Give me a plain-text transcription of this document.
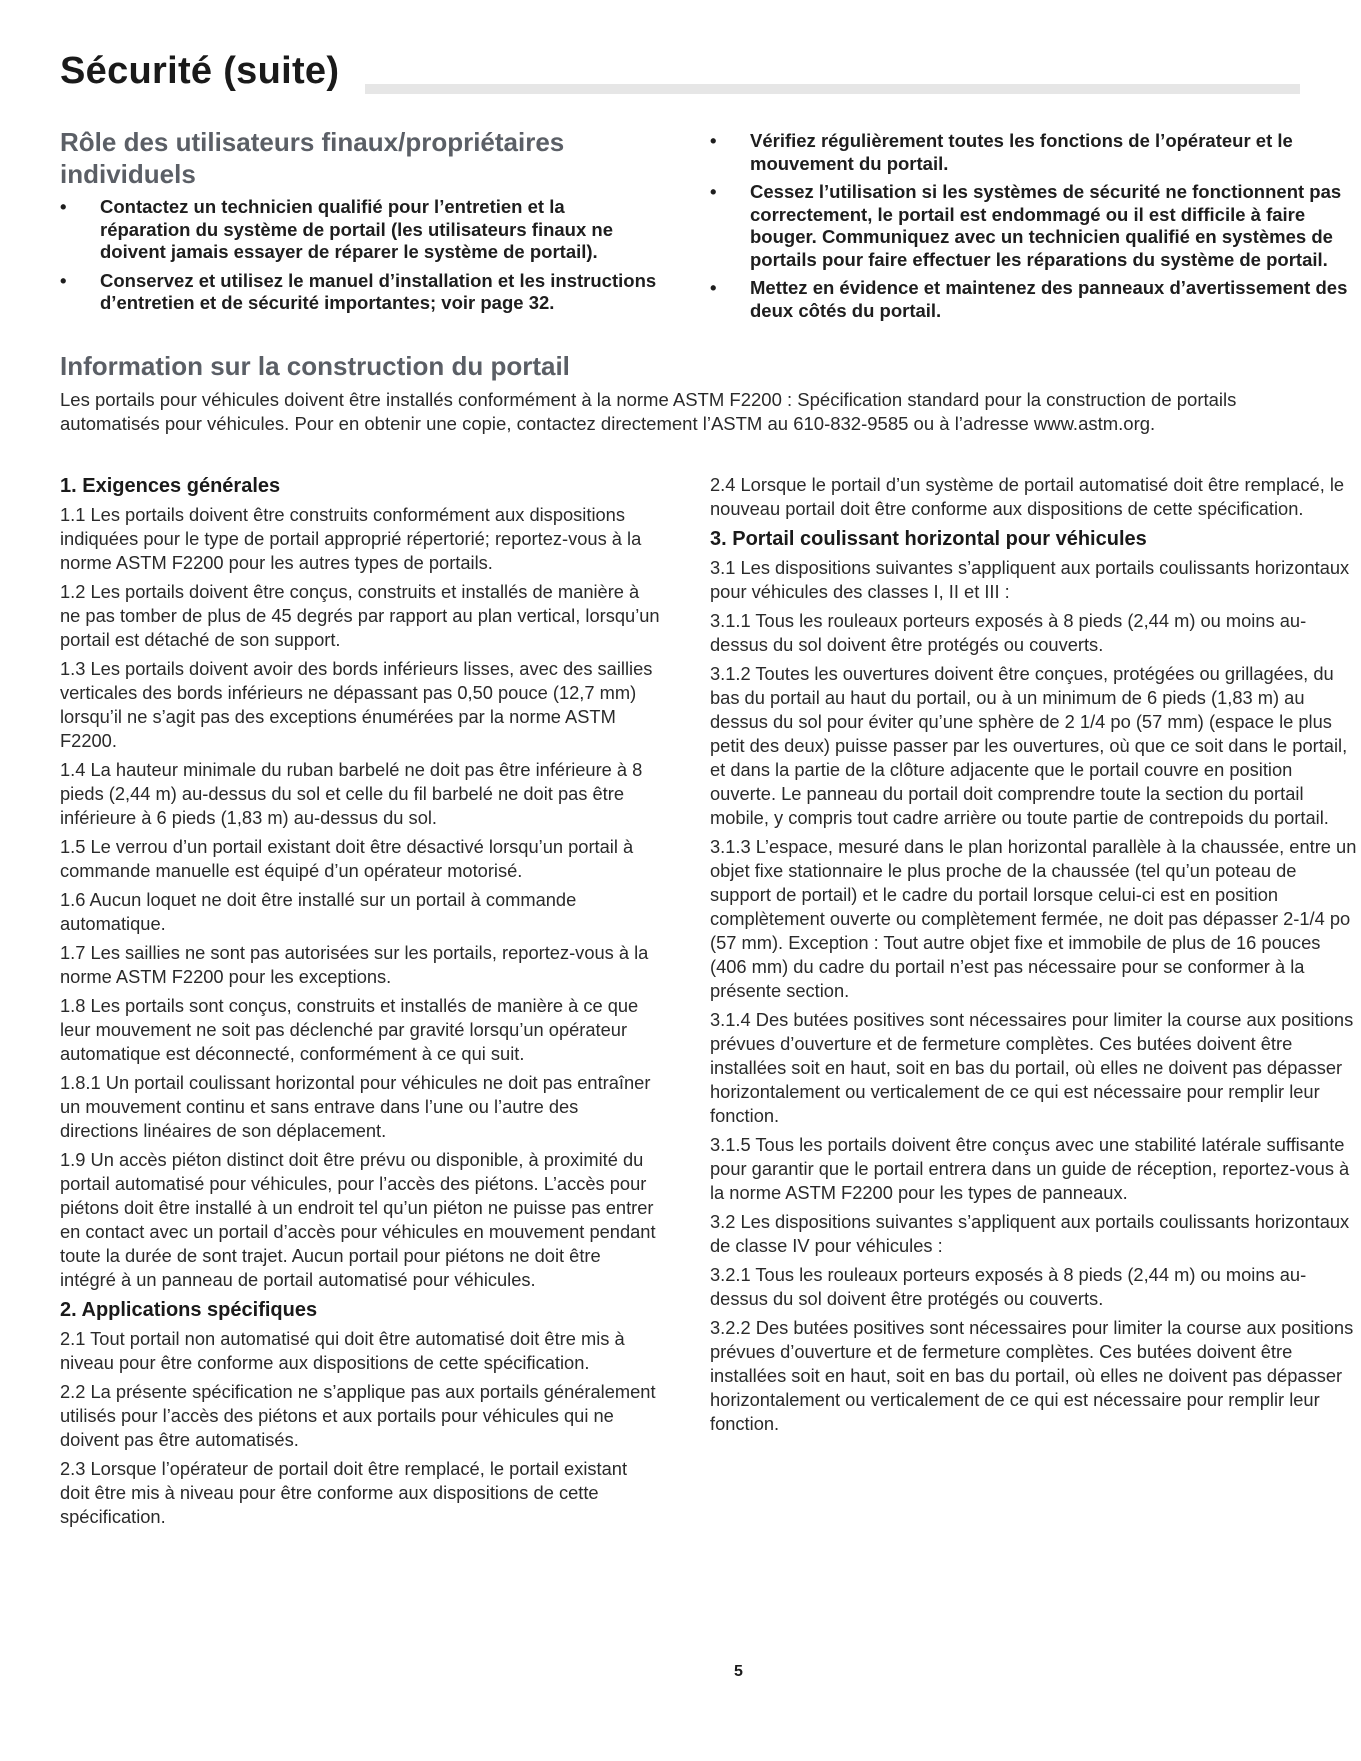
Sécurité (suite)
Rôle des utilisateurs finaux/propriétaires individuels
• Contactez un technicien qualifié pour l’entretien et la réparation du système de portail (les utilisateurs finaux ne doivent jamais essayer de réparer le système de portail).
• Conservez et utilisez le manuel d’installation et les instructions d’entretien et de sécurité importantes; voir page 32.
• Vérifiez régulièrement toutes les fonctions de l’opérateur et le mouvement du portail.
• Cessez l’utilisation si les systèmes de sécurité ne fonctionnent pas correctement, le portail est endommagé ou il est difficile à faire bouger. Communiquez avec un technicien qualifié en systèmes de portails pour faire effectuer les réparations du système de portail.
• Mettez en évidence et maintenez des panneaux d’avertissement des deux côtés du portail.
Information sur la construction du portail
Les portails pour véhicules doivent être installés conformément à la norme ASTM F2200 : Spécification standard pour la construction de portails automatisés pour véhicules. Pour en obtenir une copie, contactez directement l’ASTM au 610-832-9585 ou à l’adresse www.astm.org.
1. Exigences générales

1.1 Les portails doivent être construits conformément aux dispositions indiquées pour le type de portail approprié répertorié; reportez-vous à la norme ASTM F2200 pour les autres types de portails.

1.2 Les portails doivent être conçus, construits et installés de manière à ne pas tomber de plus de 45 degrés par rapport au plan vertical, lorsqu’un portail est détaché de son support.

1.3 Les portails doivent avoir des bords inférieurs lisses, avec des saillies verticales des bords inférieurs ne dépassant pas 0,50 pouce (12,7 mm) lorsqu’il ne s’agit pas des exceptions énumérées par la norme ASTM F2200.

1.4 La hauteur minimale du ruban barbelé ne doit pas être inférieure à 8 pieds (2,44 m) au-dessus du sol et celle du fil barbelé ne doit pas être inférieure à 6 pieds (1,83 m) au-dessus du sol.

1.5 Le verrou d’un portail existant doit être désactivé lorsqu’un portail à commande manuelle est équipé d’un opérateur motorisé.

1.6 Aucun loquet ne doit être installé sur un portail à commande automatique.

1.7 Les saillies ne sont pas autorisées sur les portails, reportez-vous à la norme ASTM F2200 pour les exceptions.

1.8 Les portails sont conçus, construits et installés de manière à ce que leur mouvement ne soit pas déclenché par gravité lorsqu’un opérateur automatique est déconnecté, conformément à ce qui suit.

1.8.1 Un portail coulissant horizontal pour véhicules ne doit pas entraîner un mouvement continu et sans entrave dans l’une ou l’autre des directions linéaires de son déplacement.

1.9 Un accès piéton distinct doit être prévu ou disponible, à proximité du portail automatisé pour véhicules, pour l’accès des piétons. L’accès pour piétons doit être installé à un endroit tel qu’un piéton ne puisse pas entrer en contact avec un portail d’accès pour véhicules en mouvement pendant toute la durée de sont trajet. Aucun portail pour piétons ne doit être intégré à un panneau de portail automatisé pour véhicules.

2. Applications spécifiques

2.1 Tout portail non automatisé qui doit être automatisé doit être mis à niveau pour être conforme aux dispositions de cette spécification.

2.2 La présente spécification ne s’applique pas aux portails généralement utilisés pour l’accès des piétons et aux portails pour véhicules qui ne doivent pas être automatisés.

2.3 Lorsque l’opérateur de portail doit être remplacé, le portail existant doit être mis à niveau pour être conforme aux dispositions de cette spécification.

2.4 Lorsque le portail d’un système de portail automatisé doit être remplacé, le nouveau portail doit être conforme aux dispositions de cette spécification.

3. Portail coulissant horizontal pour véhicules

3.1 Les dispositions suivantes s’appliquent aux portails coulissants horizontaux pour véhicules des classes I, II et III :

3.1.1 Tous les rouleaux porteurs exposés à 8 pieds (2,44 m) ou moins au-dessus du sol doivent être protégés ou couverts.

3.1.2 Toutes les ouvertures doivent être conçues, protégées ou grillagées, du bas du portail au haut du portail, ou à un minimum de 6 pieds (1,83 m) au dessus du sol pour éviter qu’une sphère de 2 1/4 po (57 mm) (espace le plus petit des deux) puisse passer par les ouvertures, où que ce soit dans le portail, et dans la partie de la clôture adjacente que le portail couvre en position ouverte. Le panneau du portail doit comprendre toute la section du portail mobile, y compris tout cadre arrière ou toute partie de contrepoids du portail.

3.1.3 L’espace, mesuré dans le plan horizontal parallèle à la chaussée, entre un objet fixe stationnaire le plus proche de la chaussée (tel qu’un poteau de support de portail) et le cadre du portail lorsque celui-ci est en position complètement ouverte ou complètement fermée, ne doit pas dépasser 2-1/4 po (57 mm). Exception : Tout autre objet fixe et immobile de plus de 16 pouces (406 mm) du cadre du portail n’est pas nécessaire pour se conformer à la présente section.

3.1.4 Des butées positives sont nécessaires pour limiter la course aux positions prévues d’ouverture et de fermeture complètes. Ces butées doivent être installées soit en haut, soit en bas du portail, où elles ne doivent pas dépasser horizontalement ou verticalement de ce qui est nécessaire pour remplir leur fonction.

3.1.5 Tous les portails doivent être conçus avec une stabilité latérale suffisante pour garantir que le portail entrera dans un guide de réception, reportez-vous à la norme ASTM F2200 pour les types de panneaux.

3.2 Les dispositions suivantes s’appliquent aux portails coulissants horizontaux de classe IV pour véhicules :

3.2.1 Tous les rouleaux porteurs exposés à 8 pieds (2,44 m) ou moins au-dessus du sol doivent être protégés ou couverts.

3.2.2 Des butées positives sont nécessaires pour limiter la course aux positions prévues d’ouverture et de fermeture complètes. Ces butées doivent être installées soit en haut, soit en bas du portail, où elles ne doivent pas dépasser horizontalement ou verticalement de ce qui est nécessaire pour remplir leur fonction.

5
